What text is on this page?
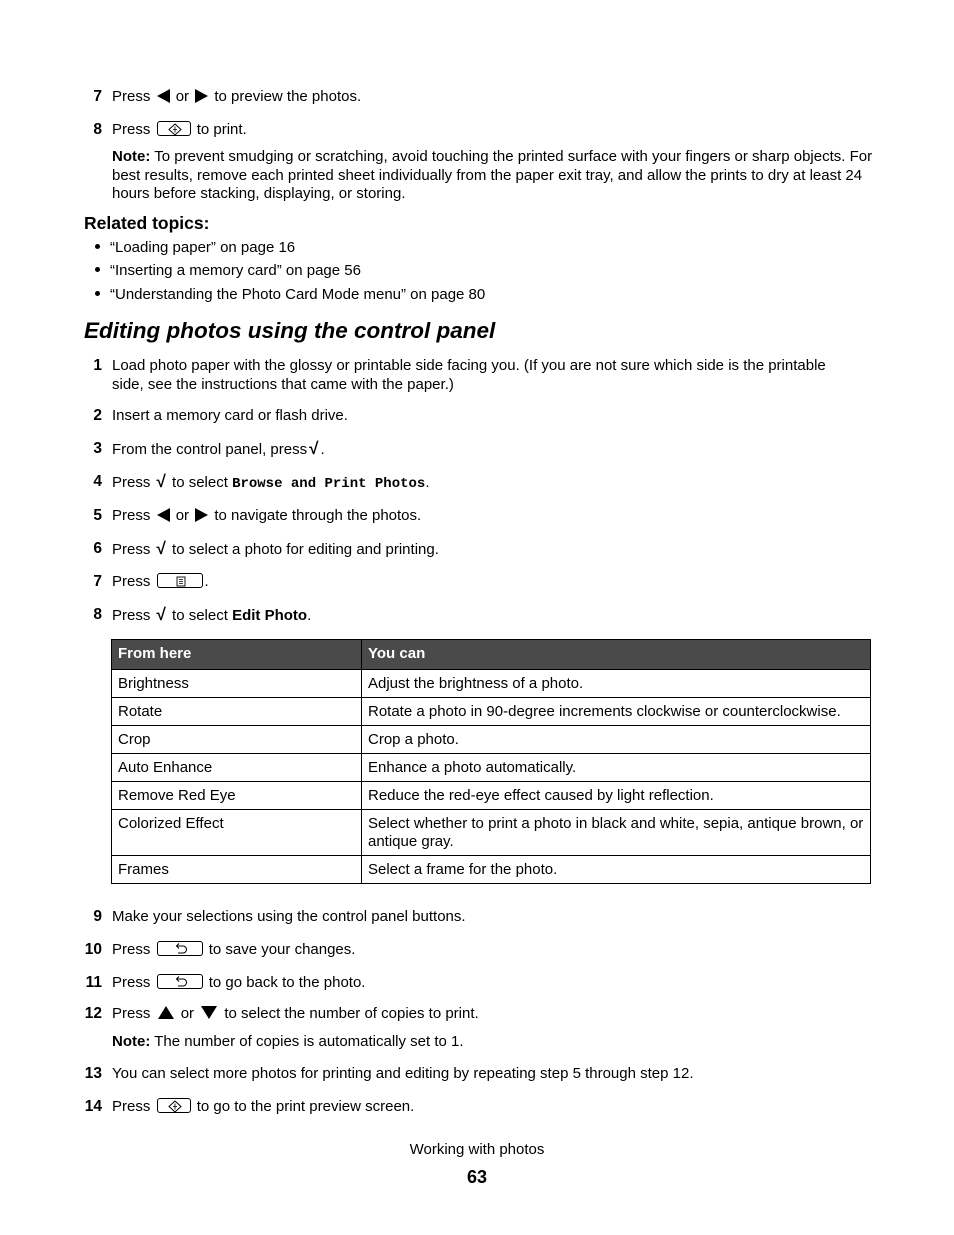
7 Press or to preview the photos.
8 Press	to print.
Note: To prevent smudging or scratching, avoid touching the printed surface with your fingers or sharp objects. For best results, remove each printed sheet individually from the paper exit tray, and allow the prints to dry at least 24 hours before stacking, displaying, or storing.
Related topics:
“Loading paper” on page 16
“Inserting a memory card” on page 56
“Understanding the Photo Card Mode menu” on page 80
Editing photos using the control panel
1 Load photo paper with the glossy or printable side facing you. (If you are not sure which side is the printable
side, see the instructions that came with the paper.)
2 Insert a memory card or flash drive.
3 From the control panel, press √ .
4 Press √ to select Browse and Print Photos.
5 Press or to navigate through the photos.
6 Press √ to select a photo for editing and printing.
7 Press	.
8 Press √ to select Edit Photo.
From here	You can
Brightness	Adjust the brightness of a photo.
Rotate	Rotate a photo in 90-degree increments clockwise or counterclockwise.
Crop	Crop a photo.
Auto Enhance	Enhance a photo automatically.
Remove Red Eye	Reduce the red-eye effect caused by light reflection.
Colorized Effect	Select whether to print a photo in black and white, sepia, antique brown, or antique gray.
Frames	Select a frame for the photo.
9 Make your selections using the control panel buttons.
10 Press	to save your changes.
11 Press	to go back to the photo.
12 Press or to select the number of copies to print.
Note: The number of copies is automatically set to 1.
13 You can select more photos for printing and editing by repeating step 5 through step 12.
14 Press	to go to the print preview screen.
Working with photos
63
